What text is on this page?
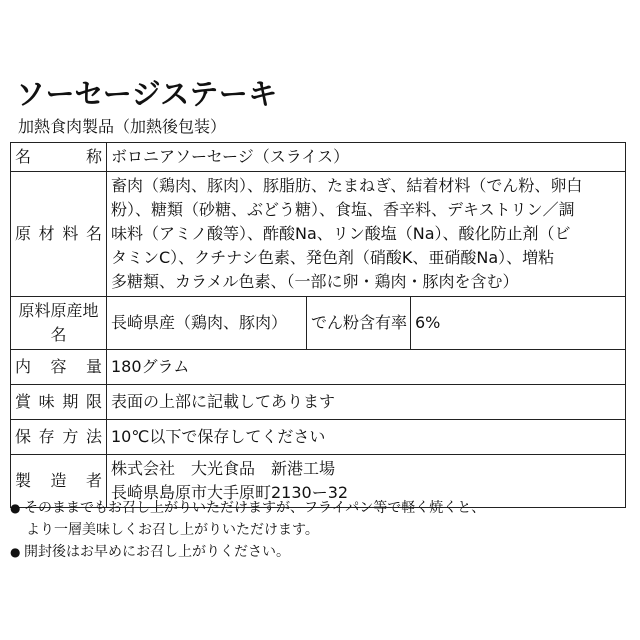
ソーセージステーキ
加熱食肉製品（加熱後包装）
名 称	ボロニアソーセージ（スライス）		
原材料名	畜肉（鶏肉、豚肉）、豚脂肪、たまねぎ、結着材料（でん粉、卵白
粉）、糖類（砂糖、ぶどう糖）、食塩、香辛料、デキストリン／調
味料（アミノ酸等）、酢酸Na、リン酸塩（Na）、酸化防止剤（ビ
タミンC）、クチナシ色素、発色剤（硝酸K、亜硝酸Na）、増粘
多糖類、カラメル色素、（一部に卵・鶏肉・豚肉を含む）		

原料原産地名	長崎県産（鶏肉、豚肉）	でん粉含有率	6%
内容量	180グラム		
賞味期限	表面の上部に記載してあります		
保存方法	10℃以下で保存してください		
製造者	株式会社　大光食品　新港工場
長崎県島原市大手原町2130ー32		
● そのままでもお召し上がりいただけますが、フライパン等で軽く焼くと、
より一層美味しくお召し上がりいただけます。
● 開封後はお早めにお召し上がりください。
